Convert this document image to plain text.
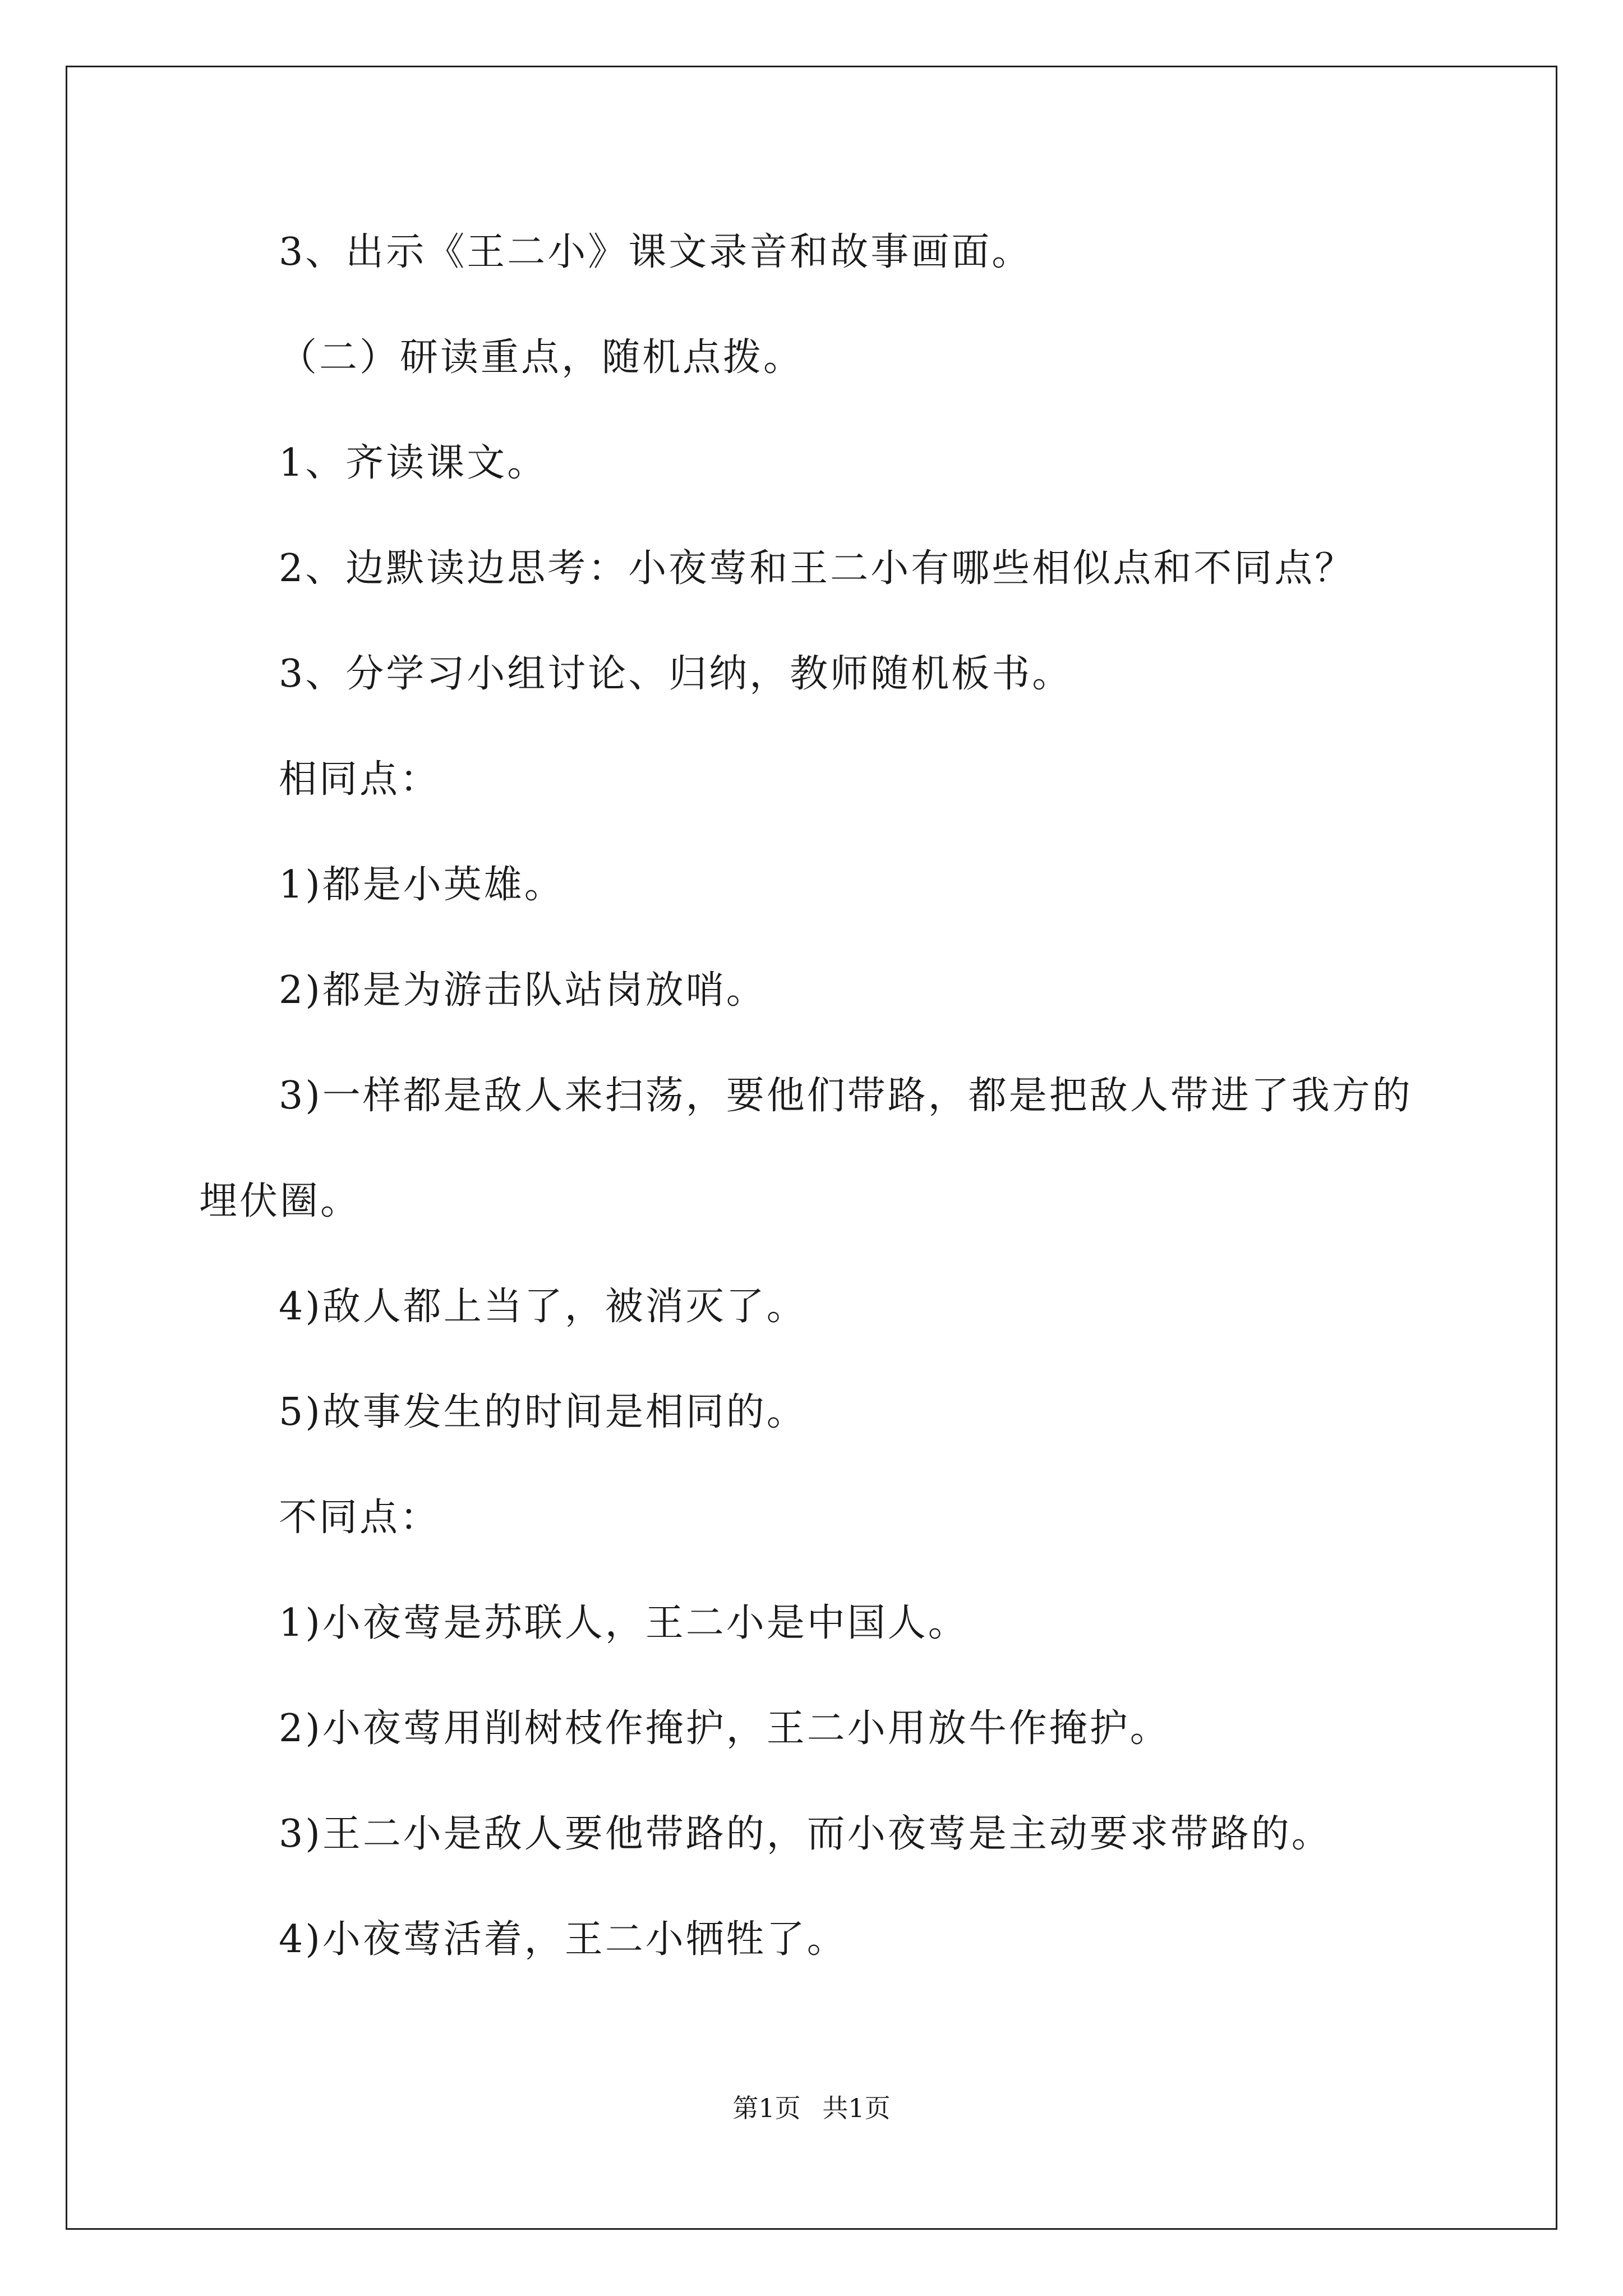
3、出示《王二小》课文录音和故事画面。
（二）研读重点，随机点拨。
1、齐读课文。
2、边默读边思考：小夜莺和王二小有哪些相似点和不同点？
3、分学习小组讨论、归纳，教师随机板书。
相同点：
1)都是小英雄。
2)都是为游击队站岗放哨。
3)一样都是敌人来扫荡，要他们带路，都是把敌人带进了我方的
埋伏圈。
4)敌人都上当了，被消灭了。
5)故事发生的时间是相同的。
不同点：
1)小夜莺是苏联人，王二小是中国人。
2)小夜莺用削树枝作掩护，王二小用放牛作掩护。
3)王二小是敌人要他带路的，而小夜莺是主动要求带路的。
4)小夜莺活着，王二小牺牲了。
第1页 共1页
